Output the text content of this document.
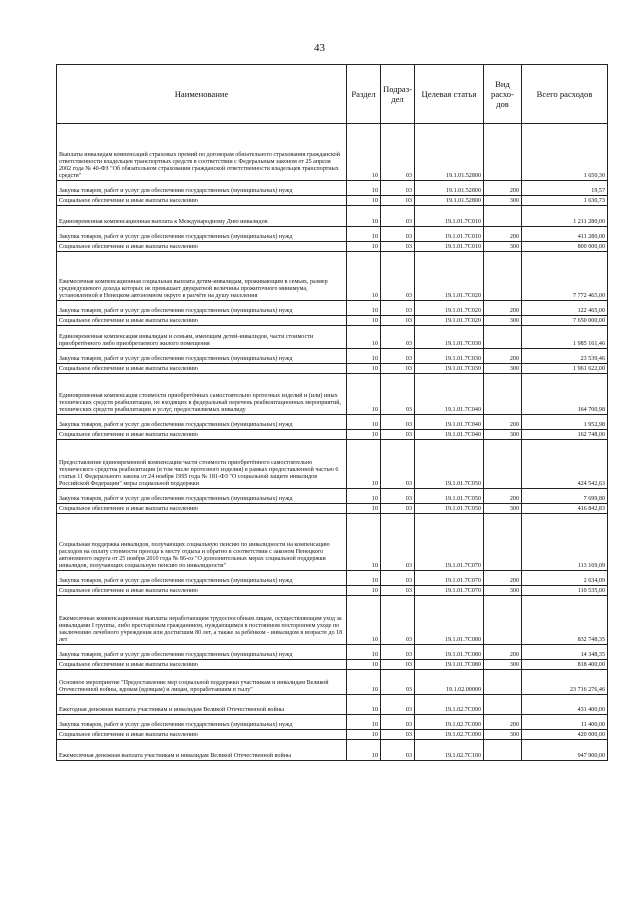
43
Наименование	Раздел	Подраз-дел	Целевая статья	Вид расхо-дов	Всего расходов
Выплаты инвалидам компенсаций страховых премий по договорам обязательного страхования гражданской ответственности владельцев транспортных средств в соответствии с Федеральным законом от 25 апреля 2002 года № 40-ФЗ "Об обязательном страховании гражданской ответственности владельцев транспортных средств"	10	03	19.1.01.52800		1 650,30
Закупка товаров, работ и услуг для обеспечения государственных (муниципальных) нужд	10	03	19.1.01.52800	200	19,57
Социальное обеспечение и иные выплаты населению	10	03	19.1.01.52800	300	1 630,73
Единовременная компенсационная выплата к Международному Дню инвалидов	10	03	19.1.01.7C010		1 211 280,00
Закупка товаров, работ и услуг для обеспечения государственных (муниципальных) нужд	10	03	19.1.01.7C010	200	411 280,00
Социальное обеспечение и иные выплаты населению	10	03	19.1.01.7C010	300	800 000,00
Ежемесячная компенсационная социальная выплата детям-инвалидам, проживающим в семьях, размер среднедушевого дохода которых не превышает двукратной величины прожиточного минимума, установленной в Ненецком автономном округе в расчёте на душу населения	10	03	19.1.01.7C020		7 772 465,00
Закупка товаров, работ и услуг для обеспечения государственных (муниципальных) нужд	10	03	19.1.01.7C020	200	122 465,00
Социальное обеспечение и иные выплаты населению	10	03	19.1.01.7C020	300	7 650 000,00
Единовременная компенсация инвалидам и семьям, имеющим детей-инвалидов, части стоимости приобретённого либо приобретаемого жилого помещения	10	03	19.1.01.7C030		1 985 161,46
Закупка товаров, работ и услуг для обеспечения государственных (муниципальных) нужд	10	03	19.1.01.7C030	200	23 539,46
Социальное обеспечение и иные выплаты населению	10	03	19.1.01.7C030	300	1 961 622,00
Единовременная компенсация стоимости приобретённых самостоятельно протезных изделий и (или) иных технических средств реабилитации, не входящих в федеральный перечень реабилитационных мероприятий, технических средств реабилитации и услуг, предоставляемых инвалиду	10	03	19.1.01.7C040		164 700,98
Закупка товаров, работ и услуг для обеспечения государственных (муниципальных) нужд	10	03	19.1.01.7C040	200	1 952,98
Социальное обеспечение и иные выплаты населению	10	03	19.1.01.7C040	300	162 748,00
Предоставление единовременной компенсации части стоимости приобретённого самостоятельно технического средства реабилитации (в том числе протезного изделия) в рамках предоставленной частью 6 статьи 11 Федерального закона от 24 ноября 1995 года № 181-ФЗ "О социальной защите инвалидов Российской Федерации" меры социальной поддержки	10	03	19.1.01.7C050		424 542,63
Закупка товаров, работ и услуг для обеспечения государственных (муниципальных) нужд	10	03	19.1.01.7C050	200	7 699,80
Социальное обеспечение и иные выплаты населению	10	03	19.1.01.7C050	300	416 842,83
Социальная поддержка инвалидов, получающих социальную пенсию по инвалидности на компенсацию расходов на оплату стоимости проезда к месту отдыха и обратно в соответствии с законом Ненецкого автономного округа от 25 ноября 2010 года № 86-оз "О дополнительных мерах социальной поддержки инвалидов, получающих социальную пенсию по инвалидности"	10	03	19.1.01.7C070		113 169,09
Закупка товаров, работ и услуг для обеспечения государственных (муниципальных) нужд	10	03	19.1.01.7C070	200	2 634,09
Социальное обеспечение и иные выплаты населению	10	03	19.1.01.7C070	300	110 535,00
Ежемесячные компенсационные выплаты неработающим трудоспособным лицам, осуществляющим уход за инвалидами I группы, либо престарелым гражданином, нуждающимся в постоянном постороннем уходе по заключению лечебного учреждения или достигшим 80 лет, а также за ребёнком - инвалидом в возрасте до 18 лет	10	03	19.1.01.7C080		832 748,35
Закупка товаров, работ и услуг для обеспечения государственных (муниципальных) нужд	10	03	19.1.01.7C080	200	14 348,35
Социальное обеспечение и иные выплаты населению	10	03	19.1.01.7C080	300	818 400,00
Основное мероприятие "Предоставление мер социальной поддержки участникам и инвалидам Великой Отечественной войны, вдовам (вдовцам) и лицам, проработавшим в тылу"	10	03	19.1.02.00000		23 716 276,46
Ежегодная денежная выплата участникам и инвалидам Великой Отечественной войны	10	03	19.1.02.7C090		431 400,00
Закупка товаров, работ и услуг для обеспечения государственных (муниципальных) нужд	10	03	19.1.02.7C090	200	11 400,00
Социальное обеспечение и иные выплаты населению	10	03	19.1.02.7C090	300	420 000,00
Ежемесячная денежная выплата участникам и инвалидам Великой Отечественной войны	10	03	19.1.02.7C100		947 900,00
